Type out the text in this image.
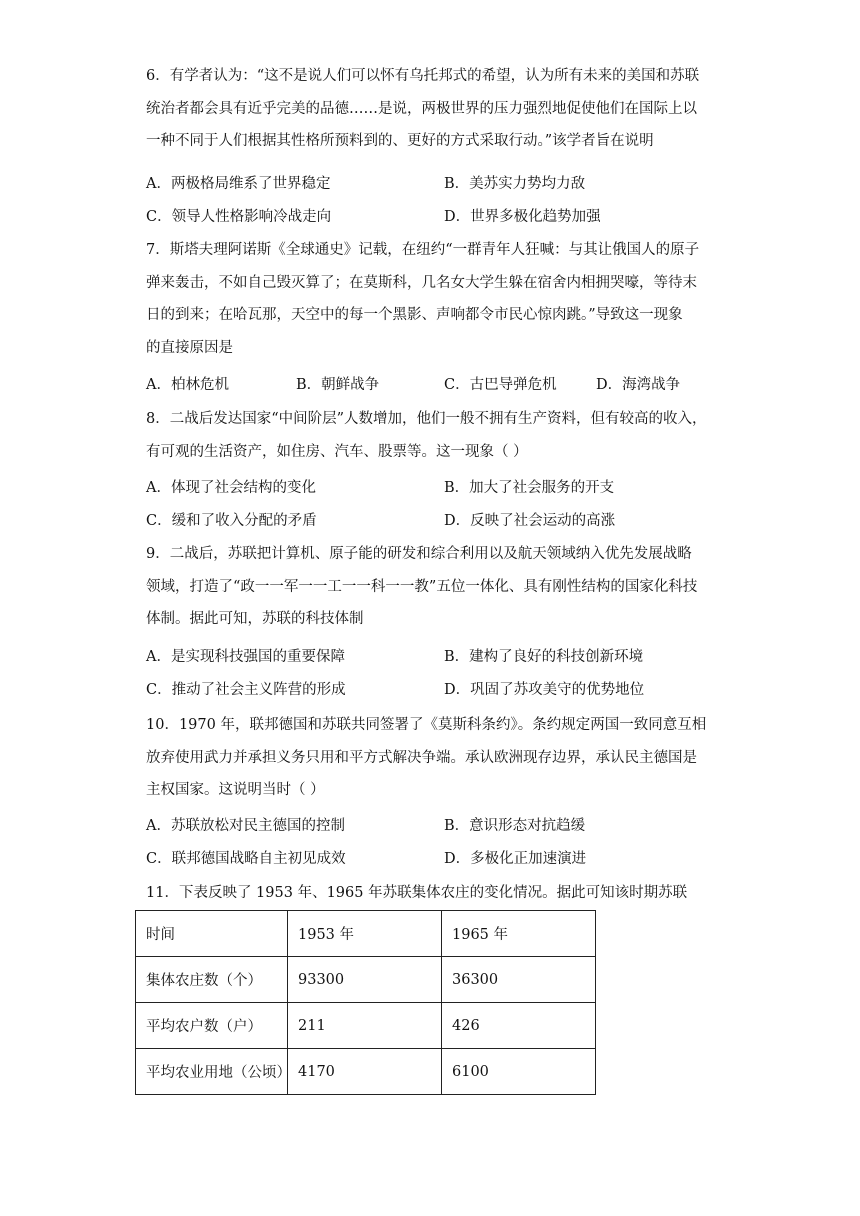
6．有学者认为：“这不是说人们可以怀有乌托邦式的希望，认为所有未来的美国和苏联

统治者都会具有近乎完美的品德……是说，两极世界的压力强烈地促使他们在国际上以

一种不同于人们根据其性格所预料到的、更好的方式采取行动。”该学者旨在说明

A．两极格局维系了世界稳定	B．美苏实力势均力敌
C．领导人性格影响冷战走向	D．世界多极化趋势加强

7．斯塔夫理阿诺斯《全球通史》记载，在纽约“一群青年人狂喊：与其让俄国人的原子

弹来轰击，不如自己毁灭算了；在莫斯科，几名女大学生躲在宿舍内相拥哭嚎，等待末

日的到来；在哈瓦那，天空中的每一个黑影、声响都令市民心惊肉跳。”导致这一现象

的直接原因是

A．柏林危机	B．朝鲜战争	C．古巴导弹危机	D．海湾战争

8．二战后发达国家“中间阶层”人数增加，他们一般不拥有生产资料，但有较高的收入，

有可观的生活资产，如住房、汽车、股票等。这一现象（ ）

A．体现了社会结构的变化	B．加大了社会服务的开支
C．缓和了收入分配的矛盾	D．反映了社会运动的高涨

9．二战后，苏联把计算机、原子能的研发和综合利用以及航天领域纳入优先发展战略

领域，打造了“政一一军一一工一一科一一教”五位一体化、具有刚性结构的国家化科技

体制。据此可知，苏联的科技体制

A．是实现科技强国的重要保障	B．建构了良好的科技创新环境
C．推动了社会主义阵营的形成	D．巩固了苏攻美守的优势地位

10．1970 年，联邦德国和苏联共同签署了《莫斯科条约》。条约规定两国一致同意互相

放弃使用武力并承担义务只用和平方式解决争端。承认欧洲现存边界，承认民主德国是

主权国家。这说明当时（ ）

A．苏联放松对民主德国的控制	B．意识形态对抗趋缓
C．联邦德国战略自主初见成效	D．多极化正加速演进

11．下表反映了 1953 年、1965 年苏联集体农庄的变化情况。据此可知该时期苏联

时间	1953 年	1965 年
集体农庄数（个）	93300	36300
平均农户数（户）	211	426
平均农业用地（公顷）	4170	6100
